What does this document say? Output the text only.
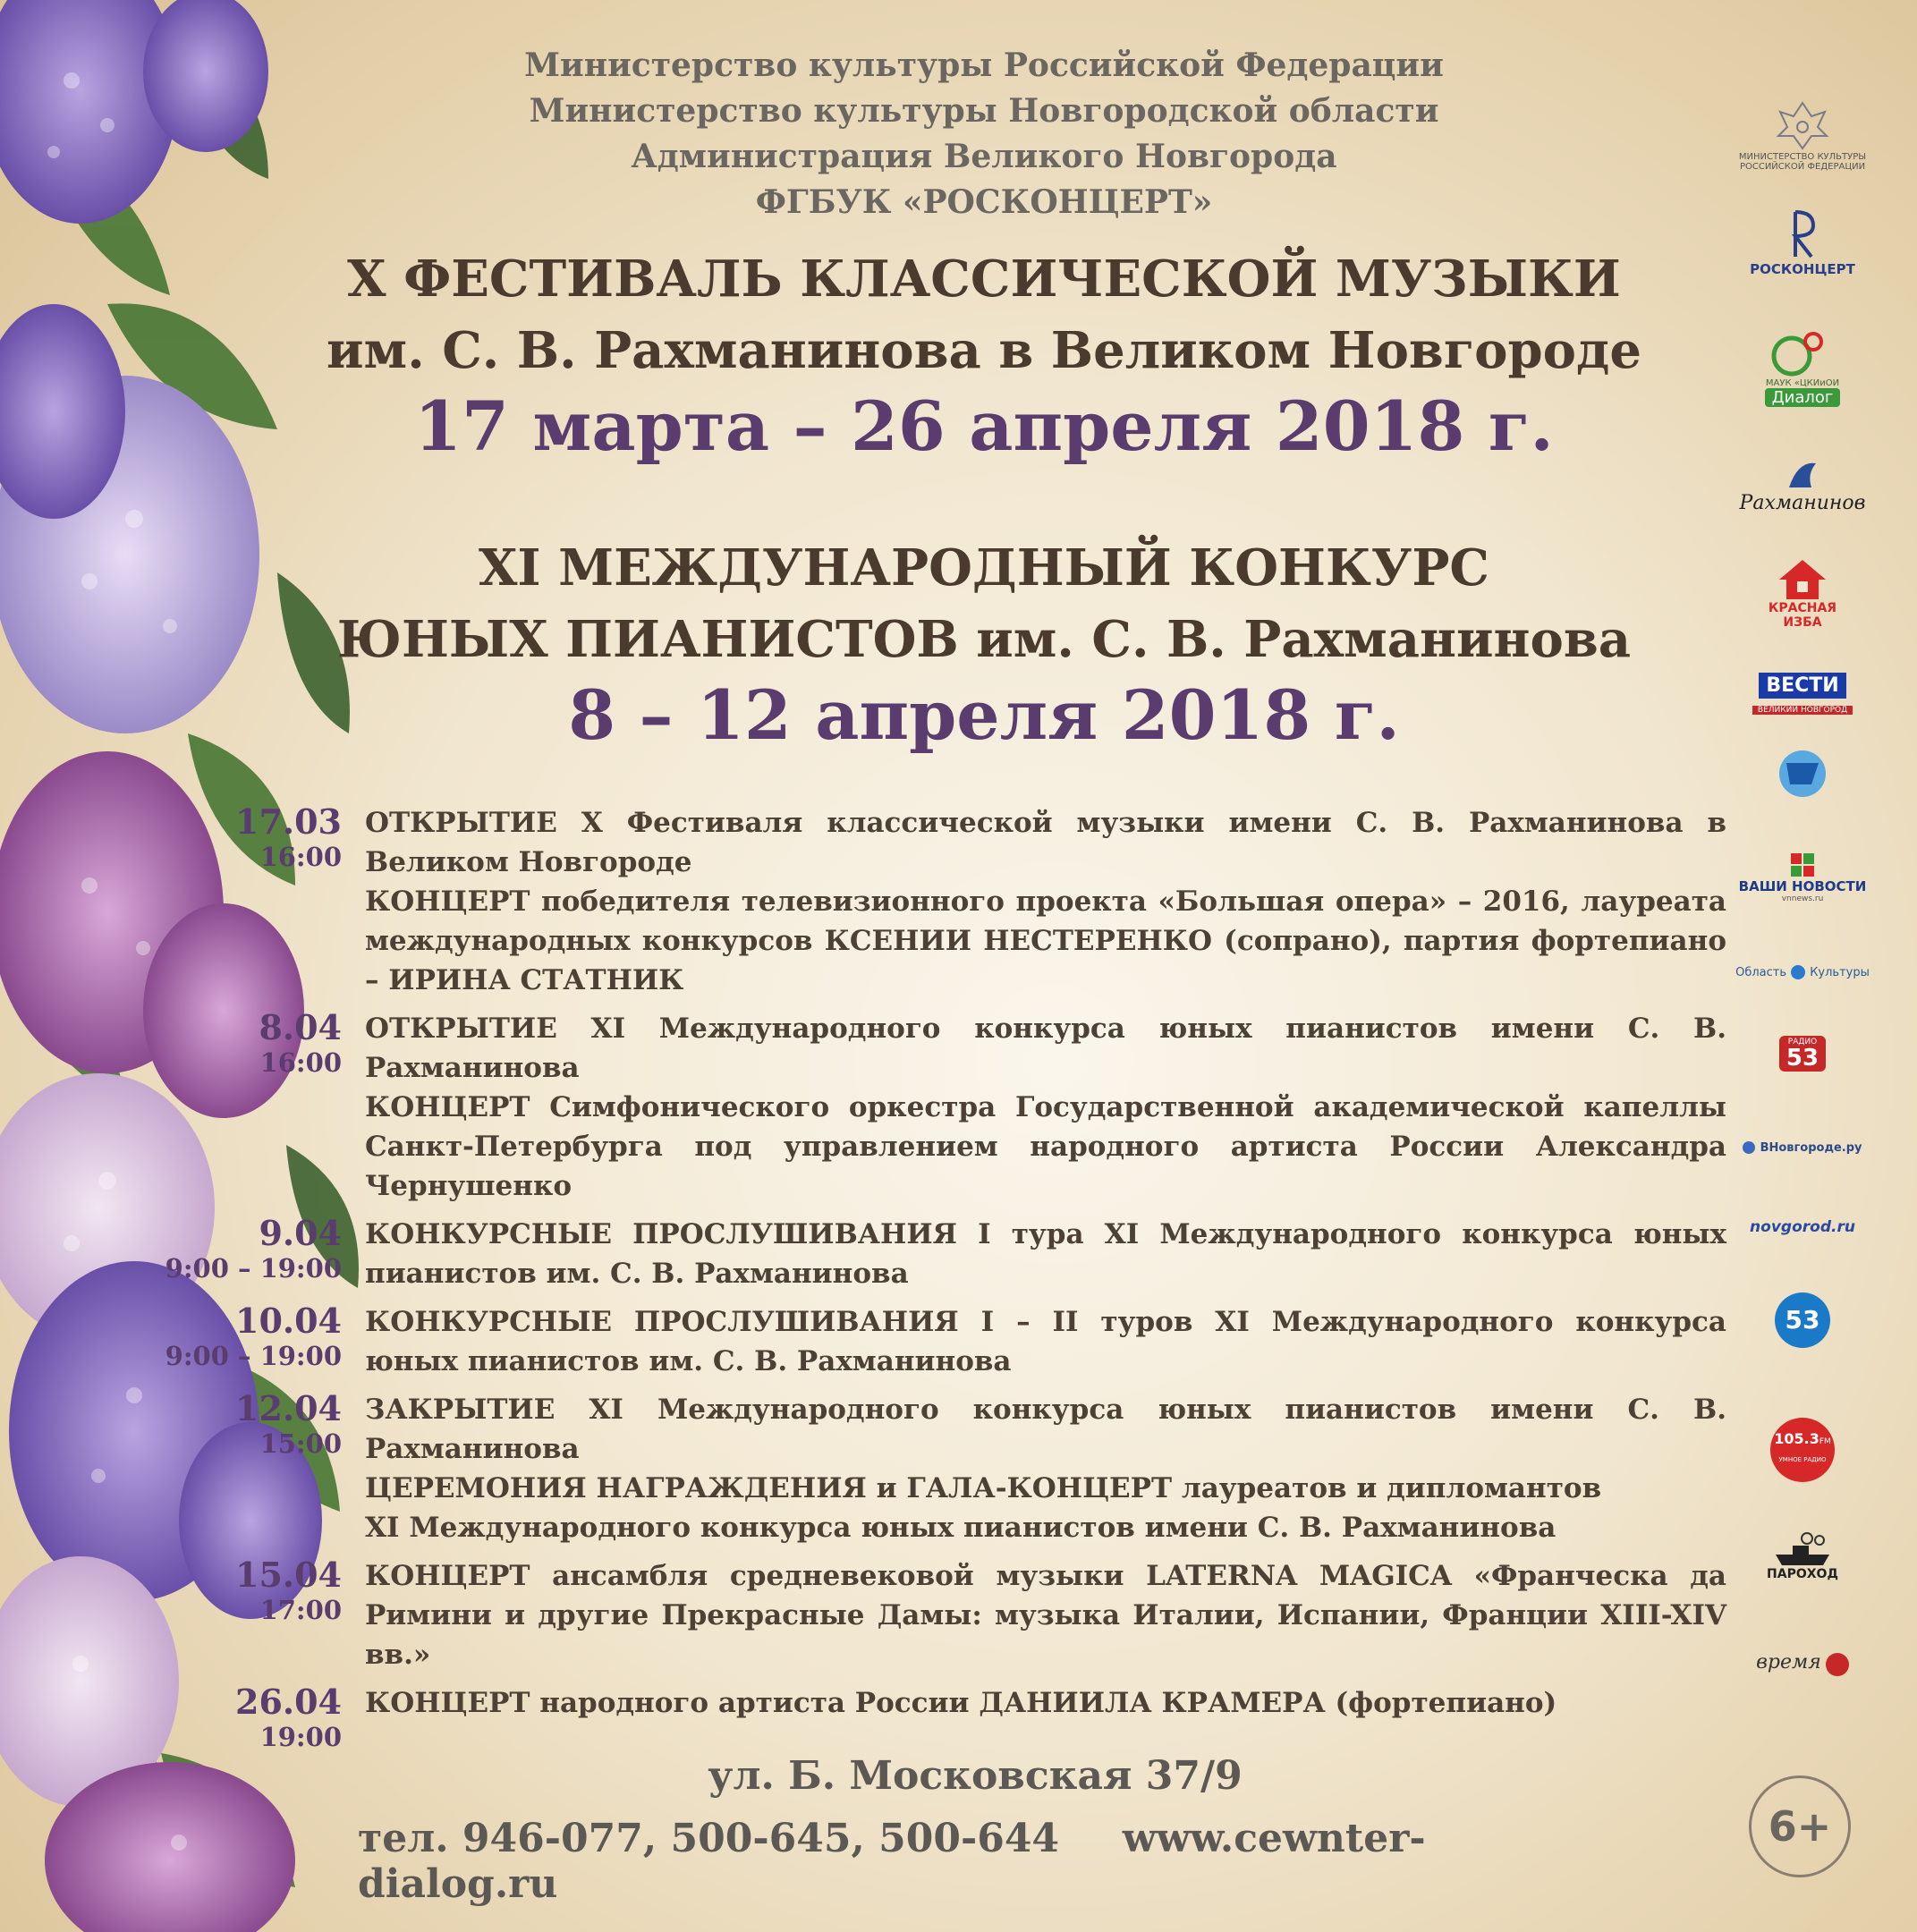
Министерство культуры Российской Федерации
Министерство культуры Новгородской области
Администрация Великого Новгорода
ФГБУК «РОСКОНЦЕРТ»
X ФЕСТИВАЛЬ КЛАССИЧЕСКОЙ МУЗЫКИ
им. С. В. Рахманинова в Великом Новгороде
17 марта – 26 апреля 2018 г.
XI МЕЖДУНАРОДНЫЙ КОНКУРС
ЮНЫХ ПИАНИСТОВ им. С. В. Рахманинова
8 – 12 апреля 2018 г.
17.03
16:00

ОТКРЫТИЕ X Фестиваля классической музыки имени С. В. Рахманинова в Великом Новгороде

КОНЦЕРТ победителя телевизионного проекта «Большая опера» – 2016, лауреата международных конкурсов КСЕНИИ НЕСТЕРЕНКО (сопрано), партия фортепиано – ИРИНА СТАТНИК

8.04
16:00

ОТКРЫТИЕ XI Международного конкурса юных пианистов имени С. В. Рахманинова

КОНЦЕРТ Симфонического оркестра Государственной академической капеллы Санкт-Петербурга под управлением народного артиста России Александра Чернушенко

9.04
9:00 – 19:00

КОНКУРСНЫЕ ПРОСЛУШИВАНИЯ I тура XI Международного конкурса юных пианистов им. С. В. Рахманинова

10.04
9:00 – 19:00

КОНКУРСНЫЕ ПРОСЛУШИВАНИЯ I – II туров XI Международного конкурса юных пианистов им. С. В. Рахманинова

12.04
15:00

ЗАКРЫТИЕ XI Международного конкурса юных пианистов имени С. В. Рахманинова

ЦЕРЕМОНИЯ НАГРАЖДЕНИЯ и ГАЛА-КОНЦЕРТ лауреатов и дипломантов

XI Международного конкурса юных пианистов имени С. В. Рахманинова

15.04
17:00

КОНЦЕРТ ансамбля средневековой музыки LATERNA MAGICA «Франческа да Римини и другие Прекрасные Дамы: музыка Италии, Испании, Франции XIII-XIV вв.»

26.04
19:00

КОНЦЕРТ народного артиста России ДАНИИЛА КРАМЕРА (фортепиано)

ул. Б. Московская 37/9
тел. 946-077, 500-645, 500-644 www.cewnter-dialog.ru
6+
МИНИСТЕРСТВО КУЛЬТУРЫ
РОССИЙСКОЙ ФЕДЕРАЦИИ
РОСКОНЦЕРТ
МАУК «ЦКИиОИ
Диалог
Рахманинов
КРАСНАЯ
ИЗБА
ВЕСТИ ВЕЛИКИЙ НОВГОРОД
ВАШИ НОВОСТИ
vnnews.ru
Область Культуры
РАДИО
53
ВНовгороде.ру
novgorod.ru
53
105.3FM
УМНОЕ РАДИО
ПАРОХОД
время
